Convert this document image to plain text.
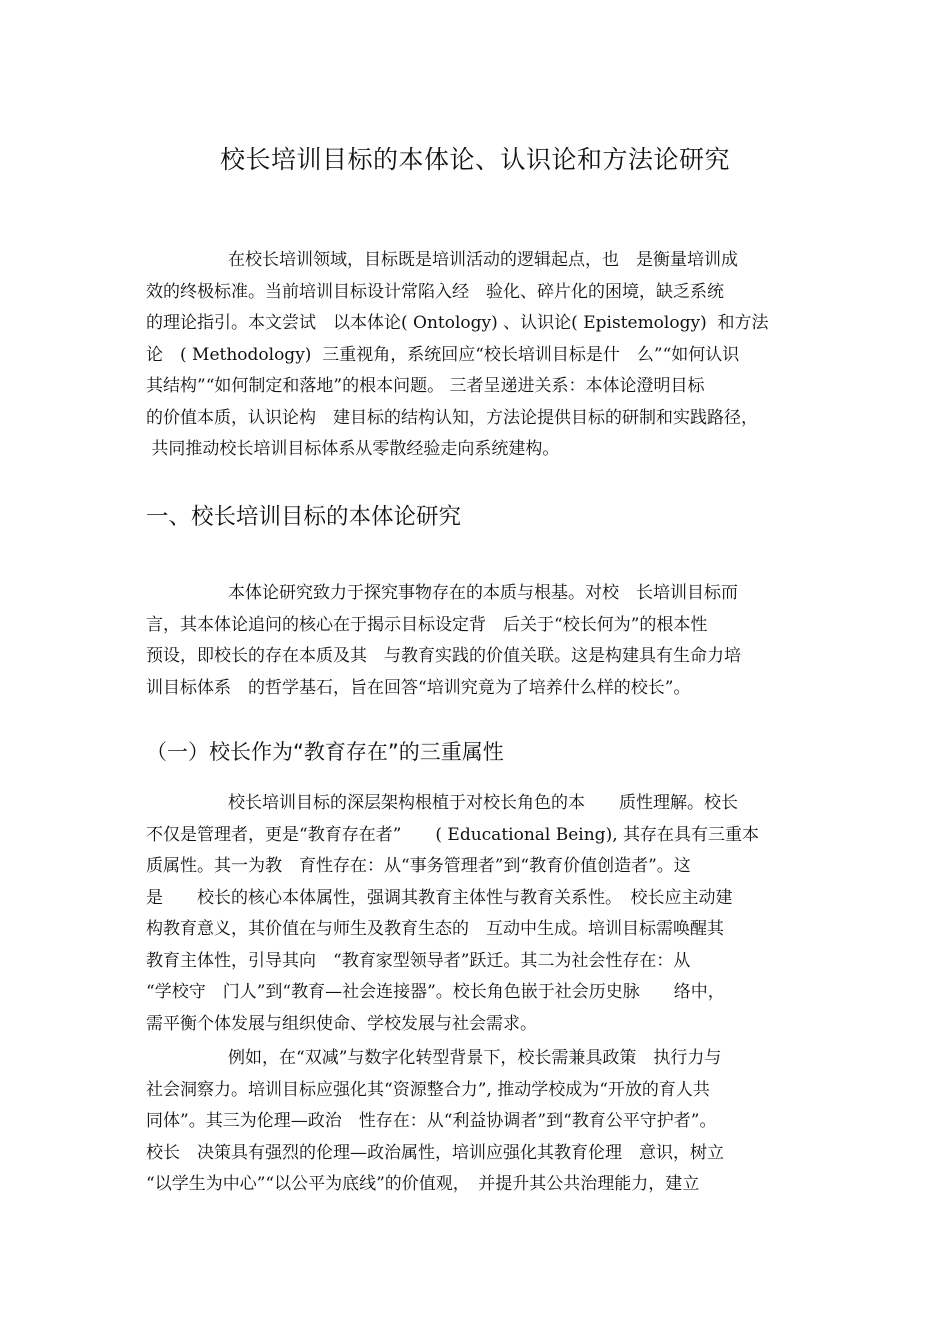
校长培训目标的本体论、认识论和方法论研究
在校长培训领域，目标既是培训活动的逻辑起点，也　是衡量培训成
效的终极标准。当前培训目标设计常陷入经　验化、碎片化的困境，缺乏系统
的理论指引。本文尝试　以本体论( Ontology) 、认识论( Epistemology)  和方法
论　( Methodology)  三重视角，系统回应“校长培训目标是什　么”“如何认识
其结构”“如何制定和落地”的根本问题。 三者呈递进关系：本体论澄明目标
的价值本质，认识论构　建目标的结构认知，方法论提供目标的研制和实践路径，
共同推动校长培训目标体系从零散经验走向系统建构。
一、校长培训目标的本体论研究
本体论研究致力于探究事物存在的本质与根基。对校　长培训目标而
言，其本体论追问的核心在于揭示目标设定背　后关于“校长何为”的根本性
预设，即校长的存在本质及其　与教育实践的价值关联。这是构建具有生命力培
训目标体系　的哲学基石，旨在回答“培训究竟为了培养什么样的校长”。
（一）校长作为“教育存在”的三重属性
校长培训目标的深层架构根植于对校长角色的本　　质性理解。校长
不仅是管理者，更是“教育存在者”　　( Educational Being), 其存在具有三重本
质属性。其一为教　育性存在：从“事务管理者”到“教育价值创造者”。这
是　　校长的核心本体属性，强调其教育主体性与教育关系性。　校长应主动建
构教育意义，其价值在与师生及教育生态的　互动中生成。培训目标需唤醒其
教育主体性，引导其向　“教育家型领导者”跃迁。其二为社会性存在：从
“学校守　门人”到“教育—社会连接器”。校长角色嵌于社会历史脉　　络中，
需平衡个体发展与组织使命、学校发展与社会需求。
例如，在“双减”与数字化转型背景下，校长需兼具政策　执行力与
社会洞察力。培训目标应强化其“资源整合力”, 推动学校成为“开放的育人共
同体”。其三为伦理—政治　性存在：从“利益协调者”到“教育公平守护者”。
校长　决策具有强烈的伦理—政治属性，培训应强化其教育伦理　意识，树立
“以学生为中心”“以公平为底线”的价值观，　并提升其公共治理能力，建立
